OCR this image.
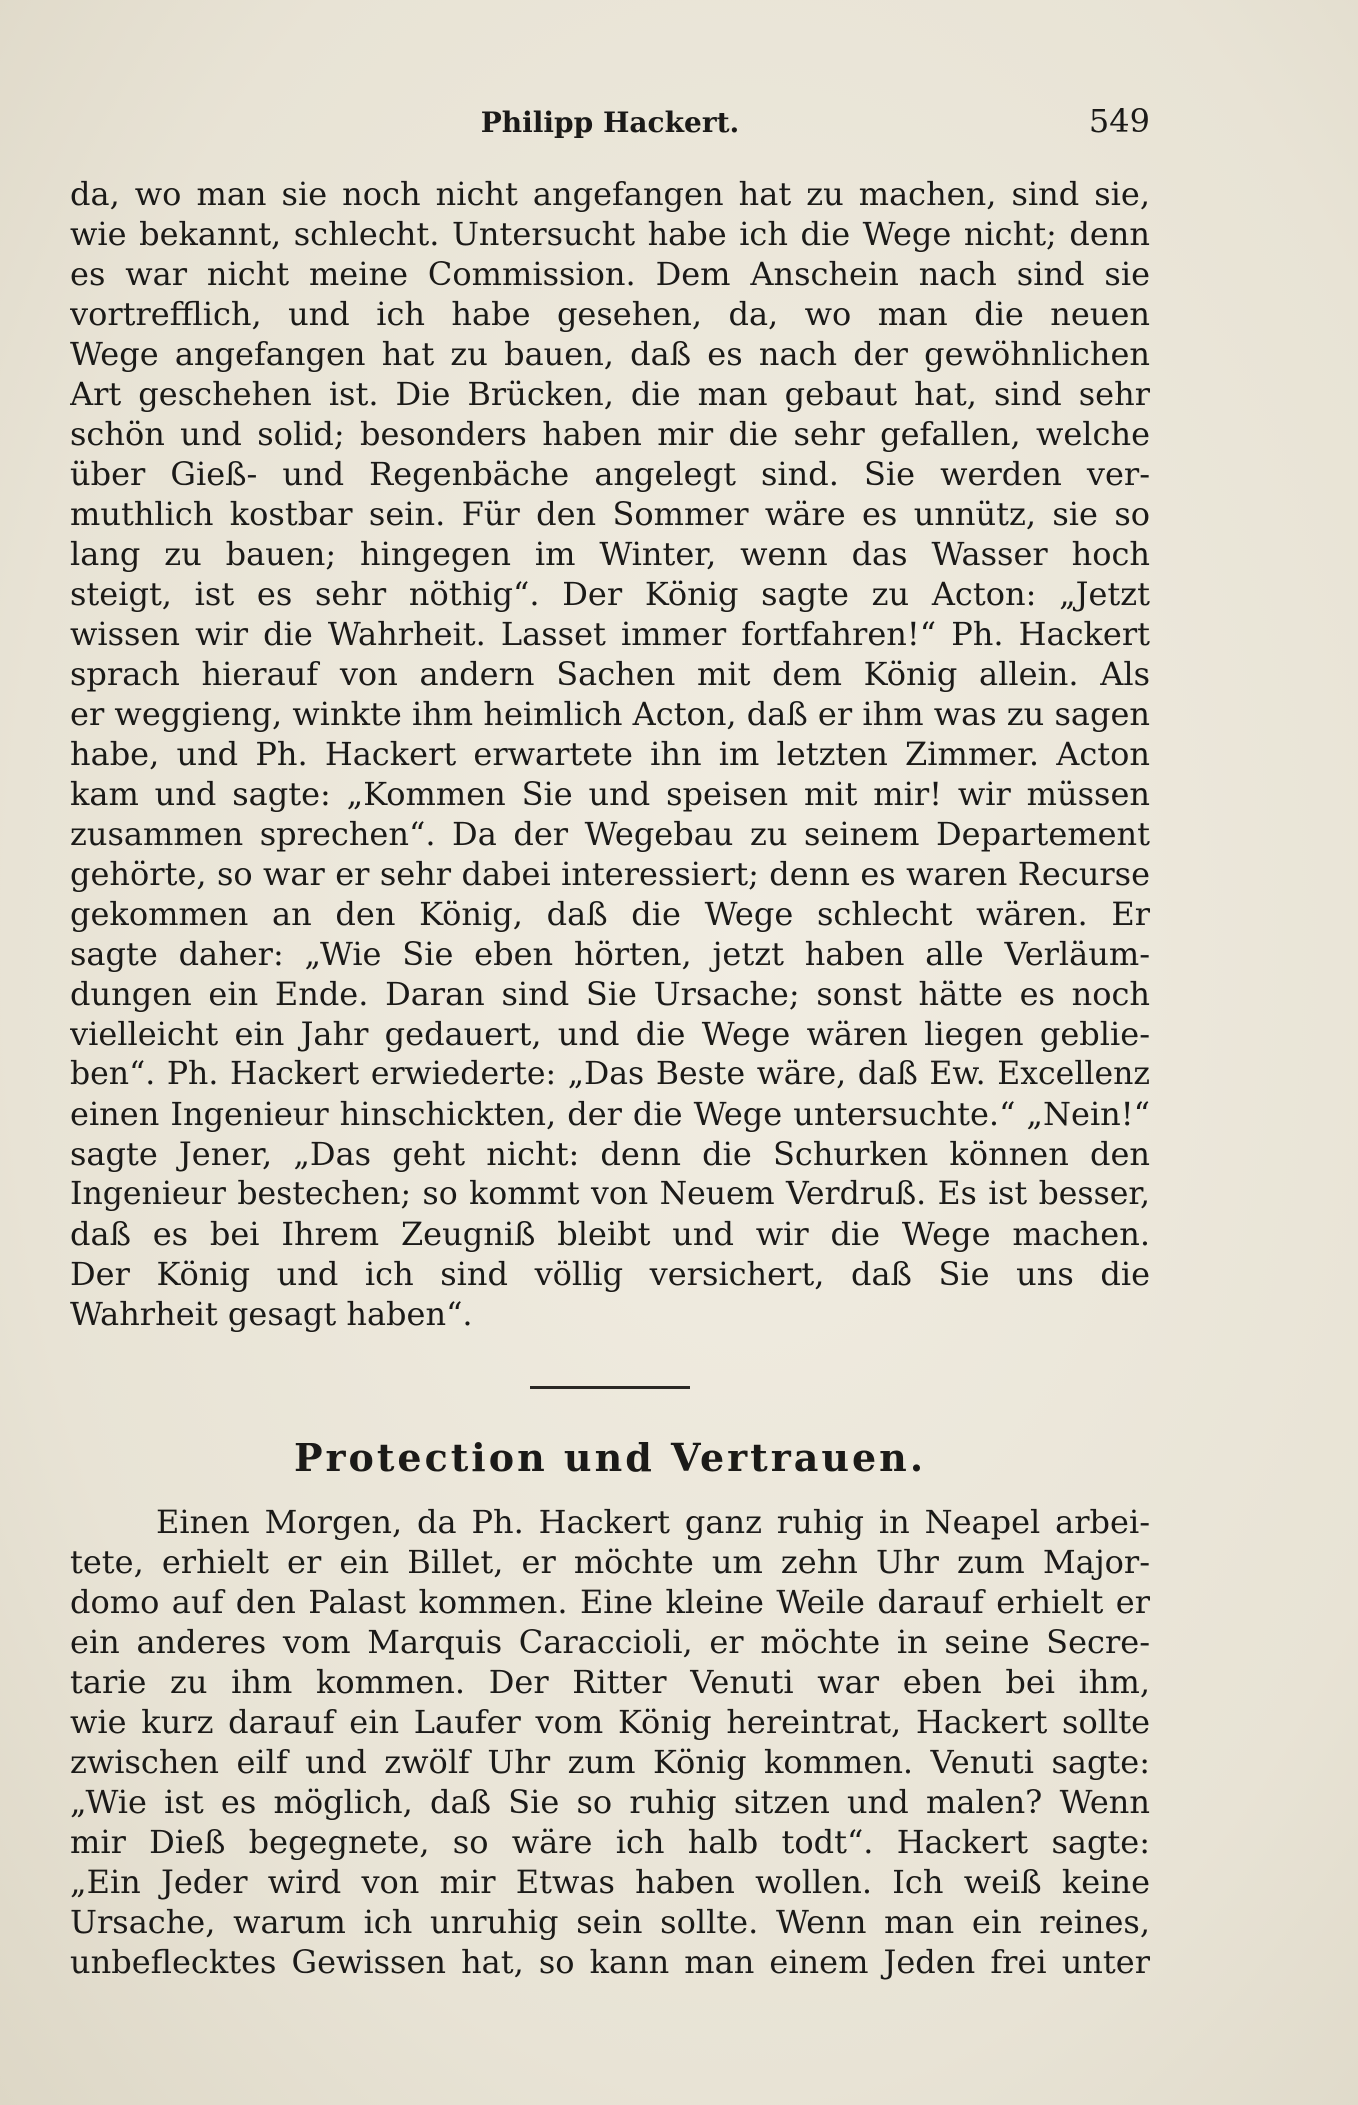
Philipp Hackert.	549
da, wo man sie noch nicht angefangen hat zu machen, sind sie,
wie bekannt, schlecht. Untersucht habe ich die Wege nicht; denn
es war nicht meine Commission. Dem Anschein nach sind sie
vortrefflich, und ich habe gesehen, da, wo man die neuen
Wege angefangen hat zu bauen, daß es nach der gewöhnlichen
Art geschehen ist. Die Brücken, die man gebaut hat, sind sehr
schön und solid; besonders haben mir die sehr gefallen, welche
über Gieß- und Regenbäche angelegt sind. Sie werden ver-
muthlich kostbar sein. Für den Sommer wäre es unnütz, sie so
lang zu bauen; hingegen im Winter, wenn das Wasser hoch
steigt, ist es sehr nöthig“. Der König sagte zu Acton: „Jetzt
wissen wir die Wahrheit. Lasset immer fortfahren!“ Ph. Hackert
sprach hierauf von andern Sachen mit dem König allein. Als
er weggieng, winkte ihm heimlich Acton, daß er ihm was zu sagen
habe, und Ph. Hackert erwartete ihn im letzten Zimmer. Acton
kam und sagte: „Kommen Sie und speisen mit mir! wir müssen
zusammen sprechen“. Da der Wegebau zu seinem Departement
gehörte, so war er sehr dabei interessiert; denn es waren Recurse
gekommen an den König, daß die Wege schlecht wären. Er
sagte daher: „Wie Sie eben hörten, jetzt haben alle Verläum-
dungen ein Ende. Daran sind Sie Ursache; sonst hätte es noch
vielleicht ein Jahr gedauert, und die Wege wären liegen geblie-
ben“. Ph. Hackert erwiederte: „Das Beste wäre, daß Ew. Excellenz
einen Ingenieur hinschickten, der die Wege untersuchte.“ „Nein!“
sagte Jener, „Das geht nicht: denn die Schurken können den
Ingenieur bestechen; so kommt von Neuem Verdruß. Es ist besser,
daß es bei Ihrem Zeugniß bleibt und wir die Wege machen.
Der König und ich sind völlig versichert, daß Sie uns die
Wahrheit gesagt haben“.
Protection und Vertrauen.
Einen Morgen, da Ph. Hackert ganz ruhig in Neapel arbei-
tete, erhielt er ein Billet, er möchte um zehn Uhr zum Major-
domo auf den Palast kommen. Eine kleine Weile darauf erhielt er
ein anderes vom Marquis Caraccioli, er möchte in seine Secre-
tarie zu ihm kommen. Der Ritter Venuti war eben bei ihm,
wie kurz darauf ein Laufer vom König hereintrat, Hackert sollte
zwischen eilf und zwölf Uhr zum König kommen. Venuti sagte:
„Wie ist es möglich, daß Sie so ruhig sitzen und malen? Wenn
mir Dieß begegnete, so wäre ich halb todt“. Hackert sagte:
„Ein Jeder wird von mir Etwas haben wollen. Ich weiß keine
Ursache, warum ich unruhig sein sollte. Wenn man ein reines,
unbeflecktes Gewissen hat, so kann man einem Jeden frei unter
